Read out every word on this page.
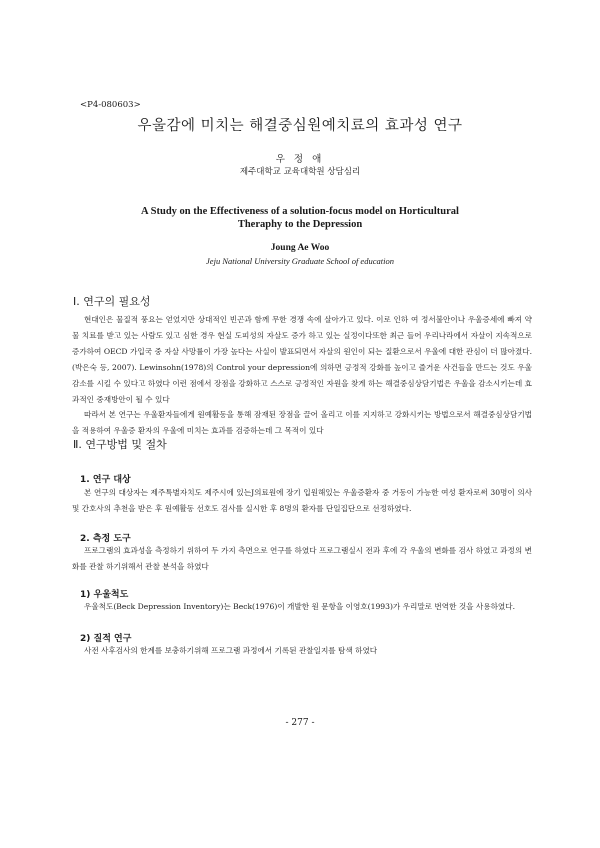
<P4-080603>
우울감에 미치는 해결중심원예치료의 효과성 연구
우 정 애
제주대학교 교육대학원 상담심리
A Study on the Effectiveness of a solution-focus model on Horticultural Theraphy to the Depression
Joung Ae Woo
Jeju National University Graduate School of education
Ⅰ. 연구의 필요성

현대인은 물질적 풍요는 얻었지만 상대적인 빈곤과 함께 무한 경쟁 속에 살아가고 있다. 이로 인하 여 정서불안이나 우울증세에 빠져 약물 치료를 받고 있는 사람도 있고 심한 경우 현실 도피성의 자살도 증가 하고 있는 실정이다또한 최근 들어 우리나라에서 자살이 지속적으로 증가하여 OECD 가입국 중 자살 사망률이 가장 높다는 사실이 발표되면서 자살의 원인이 되는 질환으로서 우울에 대한 관심이 더 많아졌다.(박은숙 등, 2007). Lewinsohn(1978)의 Control your depression에 의하면 긍정적 강화를 높이고 즐거운 사건들을 만드는 것도 우울감소를 시킬 수 있다고 하였다 이런 점에서 장점을 강화하고 스스로 긍정적인 자원을 찾게 하는 해결중심상담기법은 우울을 감소시키는데 효과적인 중재방안이 될 수 있다

따라서 본 연구는 우울환자들에게 원예활동을 통해 잠재된 장점을 끌어 올리고 이를 지지하고 강화시키는 방법으로서 해결중심상담기법을 적용하여 우울증 환자의 우울에 미치는 효과를 검증하는데 그 목적이 있다

Ⅱ. 연구방법 및 절차
1. 연구 대상

본 연구의 대상자는 제주특별자치도 제주시에 있는J의료원에 장기 입원해있는 우울증환자 중 거동이 가능한 여성 환자로써 30명이 의사 및 간호사의 추천을 받은 후 원예활동 선호도 검사를 실시한 후 8명의 환자를 단일집단으로 선정하였다.

2. 측정 도구

프로그램의 효과성을 측정하기 위하여 두 가지 측면으로 연구를 하였다 프로그램실시 전과 후에 각 우울의 변화를 검사 하였고 과정의 변화를 관찰 하기위해서 관찰 분석을 하였다

1) 우울척도

우울척도(Beck Depression Inventory)는 Beck(1976)이 개발한 원 문항을 이영호(1993)가 우리말로 번역한 것을 사용하였다.

2) 질적 연구

사전 사후검사의 한계를 보충하기위해 프로그램 과정에서 기록된 관찰일지를 탐색 하였다

- 277 -
